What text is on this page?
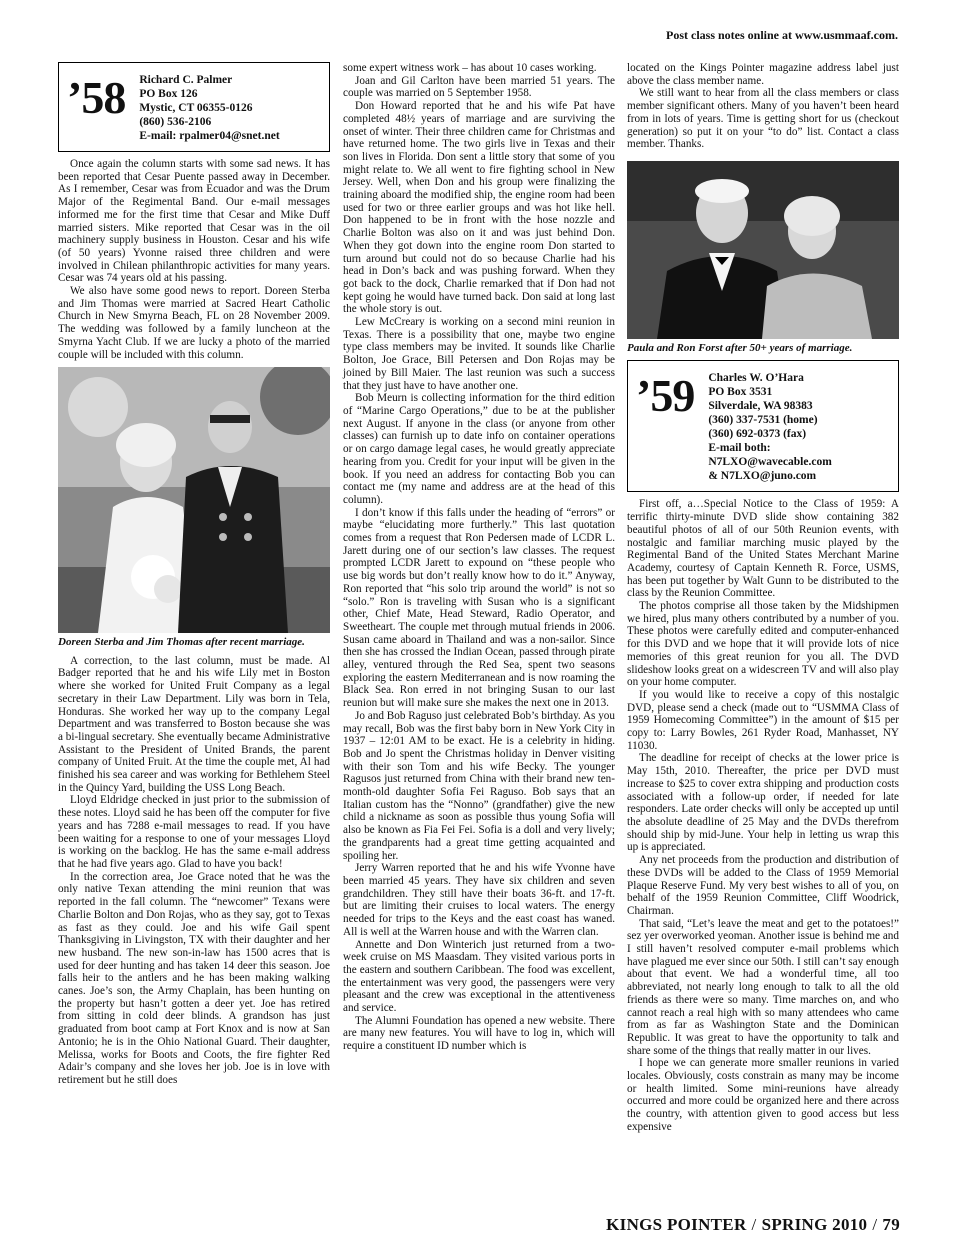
Post class notes online at www.usmmaaf.com.
’58 Richard C. Palmer
PO Box 126
Mystic, CT 06355-0126
(860) 536-2106
E-mail: rpalmer04@snet.net

Once again the column starts with some sad news. It has been reported that Cesar Puente passed away in December. As I remember, Cesar was from Ecuador and was the Drum Major of the Regimental Band. Our e-mail messages informed me for the first time that Cesar and Mike Duff married sisters. Mike reported that Cesar was in the oil machinery supply business in Houston. Cesar and his wife (of 50 years) Yvonne raised three children and were involved in Chilean philanthropic activities for many years. Cesar was 74 years old at his passing.

We also have some good news to report. Doreen Sterba and Jim Thomas were married at Sacred Heart Catholic Church in New Smyrna Beach, FL on 28 November 2009. The wedding was followed by a family luncheon at the Smyrna Yacht Club. If we are lucky a photo of the married couple will be included with this column.

Doreen Sterba and Jim Thomas after recent marriage.

A correction, to the last column, must be made. Al Badger reported that he and his wife Lily met in Boston where she worked for United Fruit Company as a legal secretary in their Law Department. Lily was born in Tela, Honduras. She worked her way up to the company Legal Department and was transferred to Boston because she was a bi-lingual secretary. She eventually became Administrative Assistant to the President of United Brands, the parent company of United Fruit. At the time the couple met, Al had finished his sea career and was working for Bethlehem Steel in the Quincy Yard, building the USS Long Beach.

Lloyd Eldridge checked in just prior to the submission of these notes. Lloyd said he has been off the computer for five years and has 7288 e-mail messages to read. If you have been waiting for a response to one of your messages Lloyd is working on the backlog. He has the same e-mail address that he had five years ago. Glad to have you back!

In the correction area, Joe Grace noted that he was the only native Texan attending the mini reunion that was reported in the fall column. The “newcomer” Texans were Charlie Bolton and Don Rojas, who as they say, got to Texas as fast as they could. Joe and his wife Gail spent Thanksgiving in Livingston, TX with their daughter and her new husband. The new son-in-law has 1500 acres that is used for deer hunting and has taken 14 deer this season. Joe falls heir to the antlers and he has been making walking canes. Joe’s son, the Army Chaplain, has been hunting on the property but hasn’t gotten a deer yet. Joe has retired from sitting in cold deer blinds. A grandson has just graduated from boot camp at Fort Knox and is now at San Antonio; he is in the Ohio National Guard. Their daughter, Melissa, works for Boots and Coots, the fire fighter Red Adair’s company and she loves her job. Joe is in love with retirement but he still does

some expert witness work – has about 10 cases working.

Joan and Gil Carlton have been married 51 years. The couple was married on 5 September 1958.

Don Howard reported that he and his wife Pat have completed 48½ years of marriage and are surviving the onset of winter. Their three children came for Christmas and have returned home. The two girls live in Texas and their son lives in Florida. Don sent a little story that some of you might relate to. We all went to fire fighting school in New Jersey. Well, when Don and his group were finalizing the training aboard the modified ship, the engine room had been used for two or three earlier groups and was hot like hell. Don happened to be in front with the hose nozzle and Charlie Bolton was also on it and was just behind Don. When they got down into the engine room Don started to turn around but could not do so because Charlie had his head in Don’s back and was pushing forward. When they got back to the dock, Charlie remarked that if Don had not kept going he would have turned back. Don said at long last the whole story is out.

Lew McCreary is working on a second mini reunion in Texas. There is a possibility that one, maybe two engine type class members may be invited. It sounds like Charlie Bolton, Joe Grace, Bill Petersen and Don Rojas may be joined by Bill Maier. The last reunion was such a success that they just have to have another one.

Bob Meurn is collecting information for the third edition of “Marine Cargo Operations,” due to be at the publisher next August. If anyone in the class (or anyone from other classes) can furnish up to date info on container operations or on cargo damage legal cases, he would greatly appreciate hearing from you. Credit for your input will be given in the book. If you need an address for contacting Bob you can contact me (my name and address are at the head of this column).

I don’t know if this falls under the heading of “errors” or maybe “elucidating more furtherly.” This last quotation comes from a request that Ron Pedersen made of LCDR L. Jarett during one of our section’s law classes. The request prompted LCDR Jarett to expound on “these people who use big words but don’t really know how to do it.” Anyway, Ron reported that “his solo trip around the world” is not so “solo.” Ron is traveling with Susan who is a significant other, Chief Mate, Head Steward, Radio Operator, and Sweetheart. The couple met through mutual friends in 2006. Susan came aboard in Thailand and was a non-sailor. Since then she has crossed the Indian Ocean, passed through pirate alley, ventured through the Red Sea, spent two seasons exploring the eastern Mediterranean and is now roaming the Black Sea. Ron erred in not bringing Susan to our last reunion but will make sure she makes the next one in 2013.

Jo and Bob Raguso just celebrated Bob’s birthday. As you may recall, Bob was the first baby born in New York City in 1937 – 12:01 AM to be exact. He is a celebrity in hiding. Bob and Jo spent the Christmas holiday in Denver visiting with their son Tom and his wife Becky. The younger Ragusos just returned from China with their brand new ten-month-old daughter Sofia Fei Raguso. Bob says that an Italian custom has the “Nonno” (grandfather) give the new child a nickname as soon as possible thus young Sofia will also be known as Fia Fei Fei. Sofia is a doll and very lively; the grandparents had a great time getting acquainted and spoiling her.

Jerry Warren reported that he and his wife Yvonne have been married 45 years. They have six children and seven grandchildren. They still have their boats 36-ft. and 17-ft. but are limiting their cruises to local waters. The energy needed for trips to the Keys and the east coast has waned. All is well at the Warren house and with the Warren clan.

Annette and Don Winterich just returned from a two-week cruise on MS Maasdam. They visited various ports in the eastern and southern Caribbean. The food was excellent, the entertainment was very good, the passengers were very pleasant and the crew was exceptional in the attentiveness and service.

The Alumni Foundation has opened a new website. There are many new features. You will have to log in, which will require a constituent ID number which is

located on the Kings Pointer magazine address label just above the class member name.

We still want to hear from all the class members or class member significant others. Many of you haven’t been heard from in lots of years. Time is getting short for us (checkout generation) so put it on your “to do” list. Contact a class member. Thanks.

Paula and Ron Forst after 50+ years of marriage.
’59 Charles W. O’Hara
PO Box 3531
Silverdale, WA 98383
(360) 337-7531 (home)
(360) 692-0373 (fax)
E-mail both:
N7LXO@wavecable.com
& N7LXO@juno.com

First off, a…Special Notice to the Class of 1959: A terrific thirty-minute DVD slide show containing 382 beautiful photos of all of our 50th Reunion events, with nostalgic and familiar marching music played by the Regimental Band of the United States Merchant Marine Academy, courtesy of Captain Kenneth R. Force, USMS, has been put together by Walt Gunn to be distributed to the class by the Reunion Committee.

The photos comprise all those taken by the Midshipmen we hired, plus many others contributed by a number of you. These photos were carefully edited and computer-enhanced for this DVD and we hope that it will provide lots of nice memories of this great reunion for you all. The DVD slideshow looks great on a widescreen TV and will also play on your home computer.

If you would like to receive a copy of this nostalgic DVD, please send a check (made out to “USMMA Class of 1959 Homecoming Committee”) in the amount of $15 per copy to: Larry Bowles, 261 Ryder Road, Manhasset, NY 11030.

The deadline for receipt of checks at the lower price is May 15th, 2010. Thereafter, the price per DVD must increase to $25 to cover extra shipping and production costs associated with a follow-up order, if needed for late responders. Late order checks will only be accepted up until the absolute deadline of 25 May and the DVDs therefrom should ship by mid-June. Your help in letting us wrap this up is appreciated.

Any net proceeds from the production and distribution of these DVDs will be added to the Class of 1959 Memorial Plaque Reserve Fund. My very best wishes to all of you, on behalf of the 1959 Reunion Committee, Cliff Woodrick, Chairman.

That said, “Let’s leave the meat and get to the potatoes!” sez yer overworked yeoman. Another issue is behind me and I still haven’t resolved computer e-mail problems which have plagued me ever since our 50th. I still can’t say enough about that event. We had a wonderful time, all too abbreviated, not nearly long enough to talk to all the old friends as there were so many. Time marches on, and who cannot reach a real high with so many attendees who came from as far as Washington State and the Dominican Republic. It was great to have the opportunity to talk and share some of the things that really matter in our lives.

I hope we can generate more smaller reunions in varied locales. Obviously, costs constrain as many may be income or health limited. Some mini-reunions have already occurred and more could be organized here and there across the country, with attention given to good access but less expensive

KINGS POINTER / SPRING 2010 / 79
